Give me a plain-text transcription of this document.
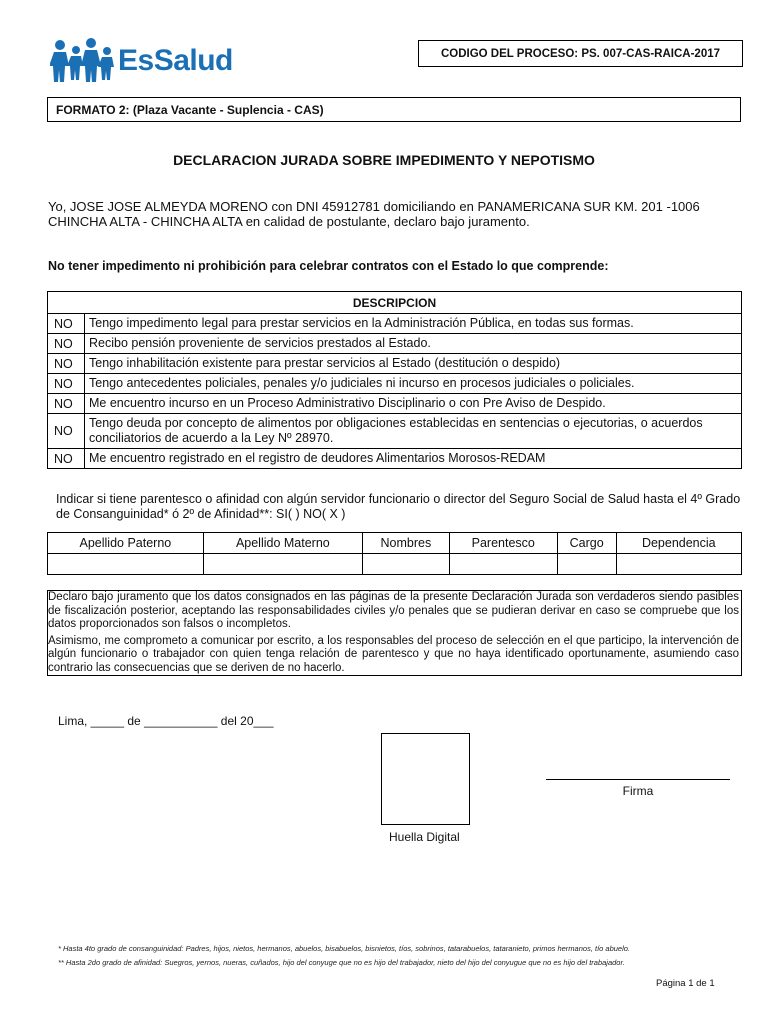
EsSalud	CODIGO DEL PROCESO: PS. 007-CAS-RAICA-2017
FORMATO 2: (Plaza Vacante - Suplencia - CAS)
DECLARACION JURADA SOBRE IMPEDIMENTO Y NEPOTISMO
Yo, JOSE JOSE ALMEYDA MORENO con DNI 45912781 domiciliando en PANAMERICANA SUR KM. 201 -1006 CHINCHA ALTA - CHINCHA ALTA en calidad de postulante, declaro bajo juramento.
No tener impedimento ni prohibición para celebrar contratos con el Estado lo que comprende:
DESCRIPCION	
NO	Tengo impedimento legal para prestar servicios en la Administración Pública, en todas sus formas.
NO	Recibo pensión proveniente de servicios prestados al Estado.
NO	Tengo inhabilitación existente para prestar servicios al Estado (destitución o despido)
NO	Tengo antecedentes policiales, penales y/o judiciales ni incurso en procesos judiciales o policiales.
NO	Me encuentro incurso en un Proceso Administrativo Disciplinario o con Pre Aviso de Despido.
NO	Tengo deuda por concepto de alimentos por obligaciones establecidas en sentencias o ejecutorias, o acuerdos conciliatorios de acuerdo a la Ley Nº 28970.
NO	Me encuentro registrado en el registro de deudores Alimentarios Morosos-REDAM
Indicar si tiene parentesco o afinidad con algún servidor funcionario o director del Seguro Social de Salud hasta el 4º Grado de Consanguinidad* ó 2º de Afinidad**: SI( ) NO( X )
Apellido Paterno	Apellido Materno	Nombres	Parentesco	Cargo	Dependencia

Declaro bajo juramento que los datos consignados en las páginas de la presente Declaración Jurada son verdaderos siendo pasibles de fiscalización posterior, aceptando las responsabilidades civiles y/o penales que se pudieran derivar en caso se compruebe que los datos proporcionados son falsos o incompletos.

Asimismo, me comprometo a comunicar por escrito, a los responsables del proceso de selección en el que participo, la intervención de algún funcionario o trabajador con quien tenga relación de parentesco y que no haya identificado oportunamente, asumiendo caso contrario las consecuencias que se deriven de no hacerlo.

Lima, _____ de ___________ del 20___
Huella Digital
Firma
* Hasta 4to grado de consanguinidad: Padres, hijos, nietos, hermanos, abuelos, bisabuelos, bisnietos, tíos, sobrinos, tatarabuelos, tataranieto, primos hermanos, tío abuelo.
** Hasta 2do grado de afinidad: Suegros, yernos, nueras, cuñados, hijo del conyuge que no es hijo del trabajador, nieto del hijo del conyugue que no es hijo del trabajador.
Página 1 de 1
